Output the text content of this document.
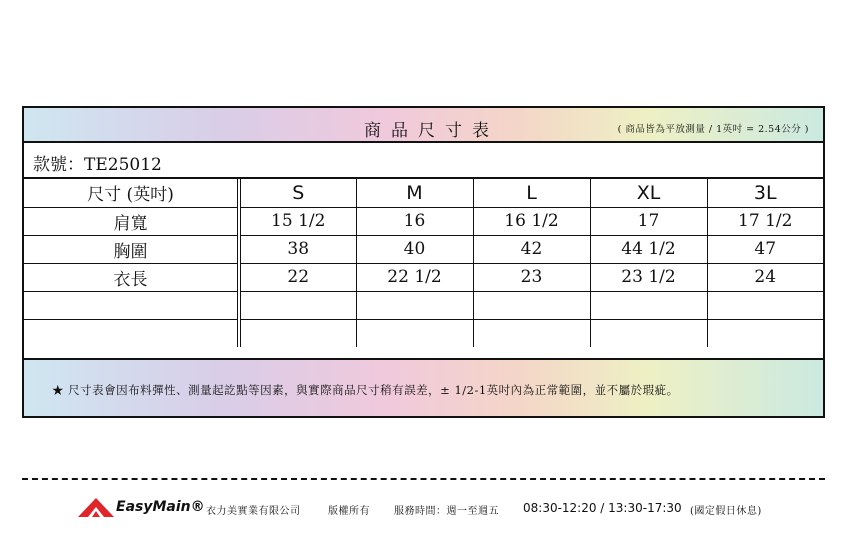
商品尺寸表	( 商品皆為平放測量 / 1英吋 = 2.54公分 )
款號：TE25012
尺寸 (英吋)	S	M	L	XL	3L
肩寬	15 1/2	16	16 1/2	17	17 1/2
胸圍	38	40	42	44 1/2	47
衣長	22	22 1/2	23	23 1/2	24

★ 尺寸表會因布料彈性、測量起訖點等因素，與實際商品尺寸稍有誤差，± 1/2-1英吋內為正常範圍，並不屬於瑕疵。
EasyMain® 衣力美實業有限公司	版權所有 服務時間：週一至週五 08:30-12:20 / 13:30-17:30 (國定假日休息)
